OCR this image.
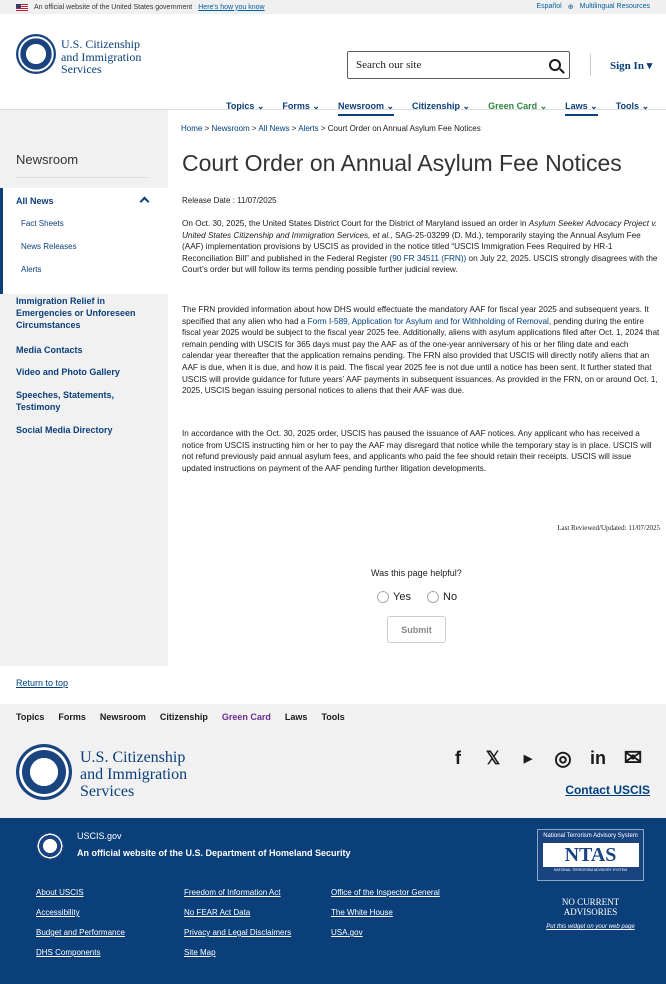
An official website of the United States government Here's how you know	Español ⊕ Multilingual Resources
U.S. Citizenship
and Immigration
Services	Search our site	Sign In ▾
Topics ⌄ Forms ⌄ Newsroom ⌄ Citizenship ⌄ Green Card ⌄ Laws ⌄ Tools ⌄
Newsroom
All News
Fact Sheets
News Releases
Alerts
Immigration Relief in Emergencies or Unforeseen Circumstances
Media Contacts
Video and Photo Gallery
Speeches, Statements, Testimony
Social Media Directory
Home > Newsroom > All News > Alerts > Court Order on Annual Asylum Fee Notices
Court Order on Annual Asylum Fee Notices
Release Date : 11/07/2025
On Oct. 30, 2025, the United States District Court for the District of Maryland issued an order in Asylum Seeker Advocacy Project v. United States Citizenship and Immigration Services, et al., SAG-25-03299 (D. Md.), temporarily staying the Annual Asylum Fee (AAF) implementation provisions by USCIS as provided in the notice titled “USCIS Immigration Fees Required by HR-1 Reconciliation Bill” and published in the Federal Register (90 FR 34511 (FRN)) on July 22, 2025. USCIS strongly disagrees with the Court’s order but will follow its terms pending possible further judicial review.
The FRN provided information about how DHS would effectuate the mandatory AAF for fiscal year 2025 and subsequent years. It specified that any alien who had a Form I-589, Application for Asylum and for Withholding of Removal, pending during the entire fiscal year 2025 would be subject to the fiscal year 2025 fee. Additionally, aliens with asylum applications filed after Oct. 1, 2024 that remain pending with USCIS for 365 days must pay the AAF as of the one-year anniversary of his or her filing date and each calendar year thereafter that the application remains pending. The FRN also provided that USCIS will directly notify aliens that an AAF is due, when it is due, and how it is paid. The fiscal year 2025 fee is not due until a notice has been sent. It further stated that USCIS will provide guidance for future years’ AAF payments in subsequent issuances. As provided in the FRN, on or around Oct. 1, 2025, USCIS began issuing personal notices to aliens that their AAF was due.
In accordance with the Oct. 30, 2025 order, USCIS has paused the issuance of AAF notices. Any applicant who has received a notice from USCIS instructing him or her to pay the AAF may disregard that notice while the temporary stay is in place. USCIS will not refund previously paid annual asylum fees, and applicants who paid the fee should retain their receipts. USCIS will issue updated instructions on payment of the AAF pending further litigation developments.
Last Reviewed/Updated: 11/07/2025
Was this page helpful?
Yes	No
Submit
Return to top
Topics Forms Newsroom Citizenship Green Card Laws Tools
U.S. Citizenship
and Immigration
Services
f	𝕏	▶	◎	in ✉
Contact USCIS
USCIS.gov
An official website of the U.S. Department of Homeland Security
About USCIS
Accessibility
Budget and Performance
DHS Components
Freedom of Information Act
No FEAR Act Data
Privacy and Legal Disclaimers
Site Map
Office of the Inspector General
The White House
USA.gov
National Terrorism Advisory System
NTAS
NATIONAL TERRORISM ADVISORY SYSTEM
NO CURRENT ADVISORIES
Put this widget on your web page
